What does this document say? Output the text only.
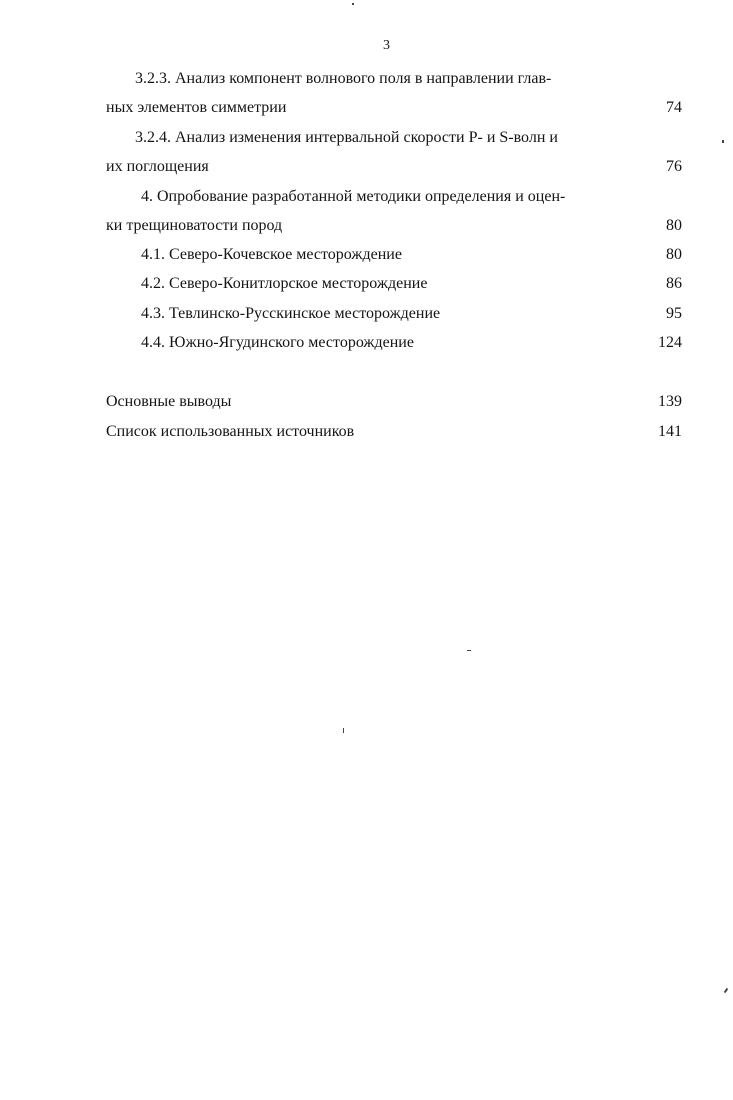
3
3.2.3. Анализ компонент волнового поля в направлении глав-
ных элементов симметрии	74
3.2.4. Анализ изменения интервальной скорости P- и S-волн и
их поглощения	76
4. Опробование разработанной методики определения и оцен-
ки трещиноватости пород	80
4.1. Северо-Кочевское месторождение	80
4.2. Северо-Конитлорское месторождение	86
4.3. Тевлинско-Русскинское месторождение	95
4.4. Южно-Ягудинского месторождение	124
Основные выводы	139
Список использованных источников	141
